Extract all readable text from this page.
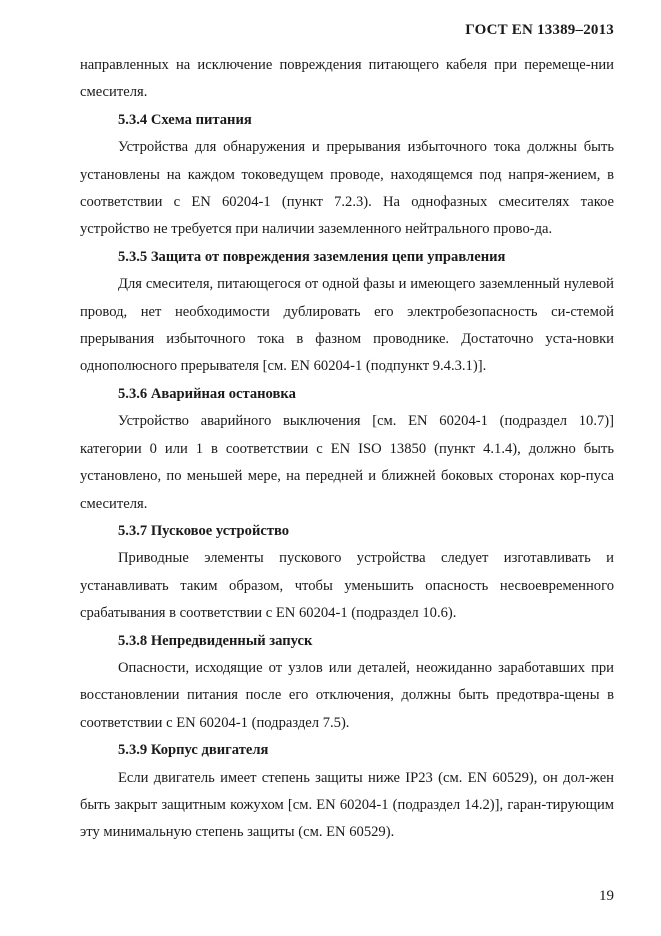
ГОСТ EN 13389–2013

направленных на исключение повреждения питающего кабеля при перемеще-нии смесителя.

5.3.4 Схема питания

Устройства для обнаружения и прерывания избыточного тока должны быть установлены на каждом токоведущем проводе, находящемся под напря-жением, в соответствии с EN 60204-1 (пункт 7.2.3). На однофазных смесителях такое устройство не требуется при наличии заземленного нейтрального прово-да.

5.3.5 Защита от повреждения заземления цепи управления

Для смесителя, питающегося от одной фазы и имеющего заземленный нулевой провод, нет необходимости дублировать его электробезопасность си-стемой прерывания избыточного тока в фазном проводнике. Достаточно уста-новки однополюсного прерывателя [см. EN 60204-1 (подпункт 9.4.3.1)].

5.3.6 Аварийная остановка

Устройство аварийного выключения [см. EN 60204-1 (подраздел 10.7)] категории 0 или 1 в соответствии с EN ISO 13850 (пункт 4.1.4), должно быть установлено, по меньшей мере, на передней и ближней боковых сторонах кор-пуса смесителя.

5.3.7 Пусковое устройство

Приводные элементы пускового устройства следует изготавливать и устанавливать таким образом, чтобы уменьшить опасность несвоевременного срабатывания в соответствии с EN 60204-1 (подраздел 10.6).

5.3.8 Непредвиденный запуск

Опасности, исходящие от узлов или деталей, неожиданно заработавших при восстановлении питания после его отключения, должны быть предотвра-щены в соответствии с EN 60204-1 (подраздел 7.5).

5.3.9 Корпус двигателя

Если двигатель имеет степень защиты ниже IP23 (см. EN 60529), он дол-жен быть закрыт защитным кожухом [см. EN 60204-1 (подраздел 14.2)], гаран-тирующим эту минимальную степень защиты (см. EN 60529).

19
